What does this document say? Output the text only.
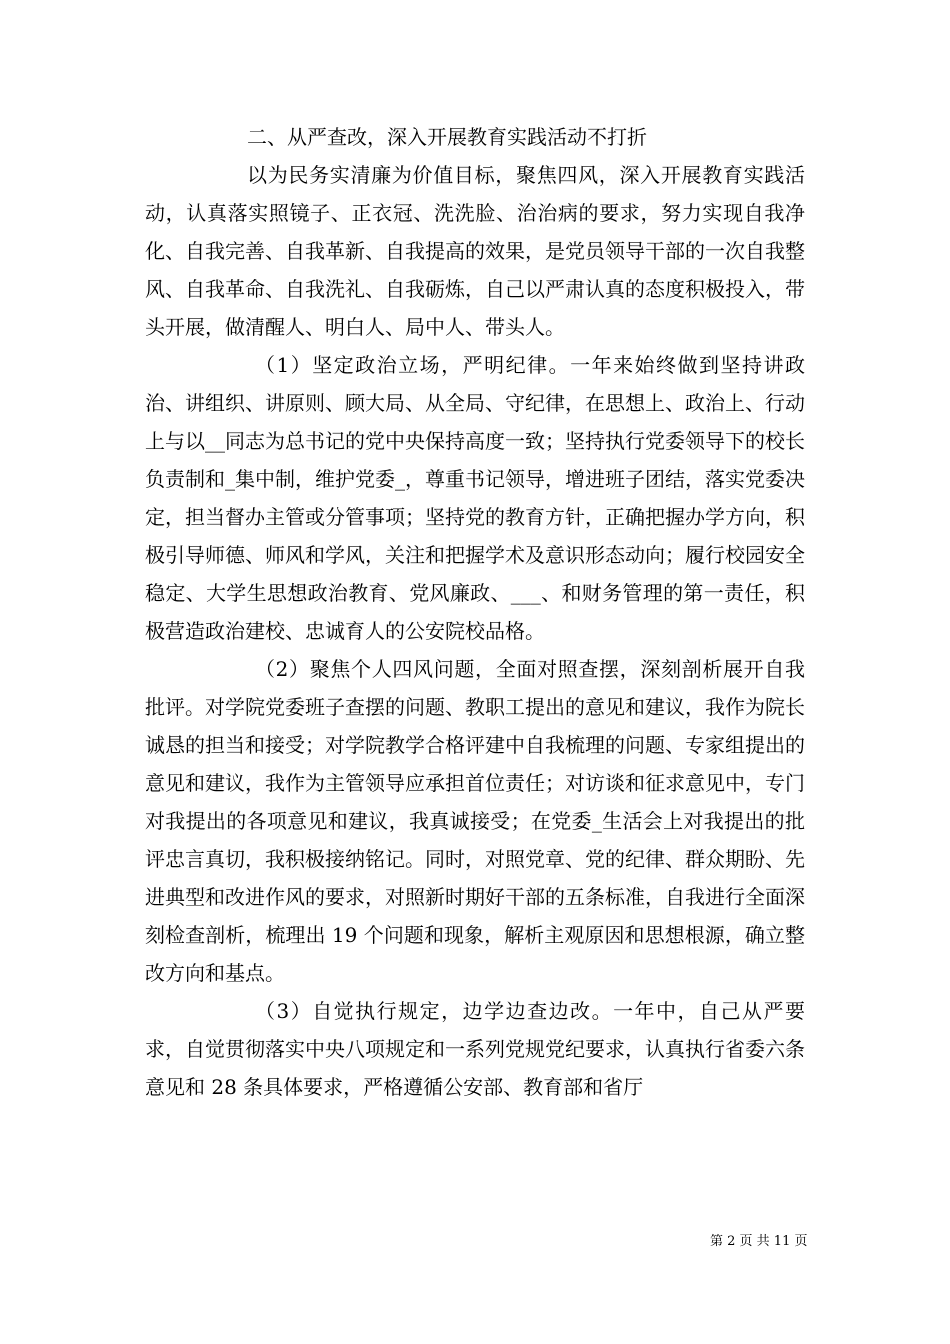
二、从严查改，深入开展教育实践活动不打折

以为民务实清廉为价值目标，聚焦四风，深入开展教育实践活动，认真落实照镜子、正衣冠、洗洗脸、治治病的要求，努力实现自我净化、自我完善、自我革新、自我提高的效果，是党员领导干部的一次自我整风、自我革命、自我洗礼、自我砺炼，自己以严肃认真的态度积极投入，带头开展，做清醒人、明白人、局中人、带头人。

（1）坚定政治立场，严明纪律。一年来始终做到坚持讲政治、讲组织、讲原则、顾大局、从全局、守纪律，在思想上、政治上、行动上与以__同志为总书记的党中央保持高度一致；坚持执行党委领导下的校长负责制和_集中制，维护党委_，尊重书记领导，增进班子团结，落实党委决定，担当督办主管或分管事项；坚持党的教育方针，正确把握办学方向，积极引导师德、师风和学风，关注和把握学术及意识形态动向；履行校园安全稳定、大学生思想政治教育、党风廉政、___、和财务管理的第一责任，积极营造政治建校、忠诚育人的公安院校品格。

（2）聚焦个人四风问题，全面对照查摆，深刻剖析展开自我批评。对学院党委班子查摆的问题、教职工提出的意见和建议，我作为院长诚恳的担当和接受；对学院教学合格评建中自我梳理的问题、专家组提出的意见和建议，我作为主管领导应承担首位责任；对访谈和征求意见中，专门对我提出的各项意见和建议，我真诚接受；在党委_生活会上对我提出的批评忠言真切，我积极接纳铭记。同时，对照党章、党的纪律、群众期盼、先进典型和改进作风的要求，对照新时期好干部的五条标准，自我进行全面深刻检查剖析，梳理出 19 个问题和现象，解析主观原因和思想根源，确立整改方向和基点。

（3）自觉执行规定，边学边查边改。一年中，自己从严要求，自觉贯彻落实中央八项规定和一系列党规党纪要求，认真执行省委六条意见和 28 条具体要求，严格遵循公安部、教育部和省厅

第 2 页 共 11 页
